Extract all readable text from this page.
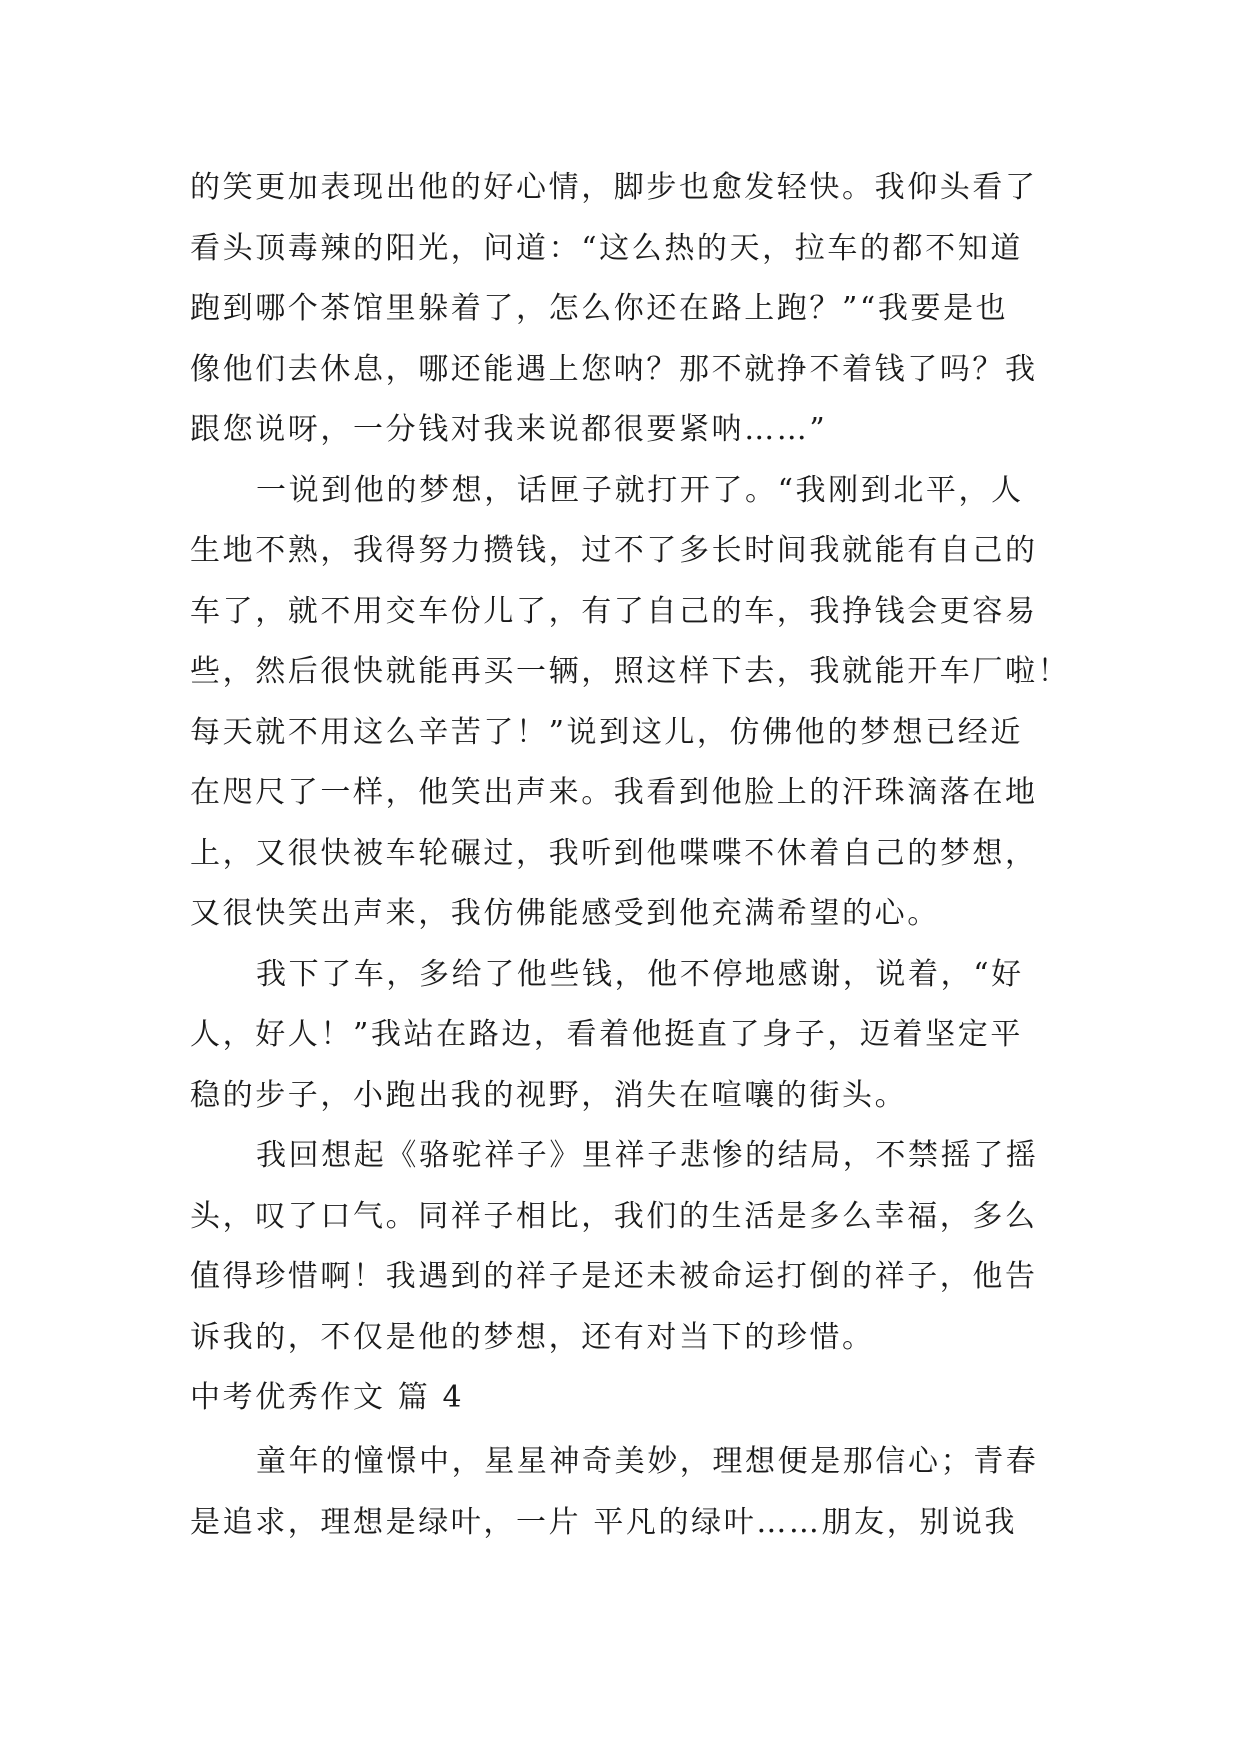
的笑更加表现出他的好心情，脚步也愈发轻快。我仰头看了
看头顶毒辣的阳光，问道：“这么热的天，拉车的都不知道
跑到哪个茶馆里躲着了，怎么你还在路上跑？”“我要是也
像他们去休息，哪还能遇上您呐？那不就挣不着钱了吗？我
跟您说呀，一分钱对我来说都很要紧呐……”
一说到他的梦想，话匣子就打开了。“我刚到北平，人
生地不熟，我得努力攒钱，过不了多长时间我就能有自己的
车了，就不用交车份儿了，有了自己的车，我挣钱会更容易
些，然后很快就能再买一辆，照这样下去，我就能开车厂啦！
每天就不用这么辛苦了！”说到这儿，仿佛他的梦想已经近
在咫尺了一样，他笑出声来。我看到他脸上的汗珠滴落在地
上，又很快被车轮碾过，我听到他喋喋不休着自己的梦想，
又很快笑出声来，我仿佛能感受到他充满希望的心。
我下了车，多给了他些钱，他不停地感谢，说着，“好
人，好人！”我站在路边，看着他挺直了身子，迈着坚定平
稳的步子，小跑出我的视野，消失在喧嚷的街头。
我回想起《骆驼祥子》里祥子悲惨的结局，不禁摇了摇
头，叹了口气。同祥子相比，我们的生活是多么幸福，多么
值得珍惜啊！我遇到的祥子是还未被命运打倒的祥子，他告
诉我的，不仅是他的梦想，还有对当下的珍惜。
中考优秀作文 篇 4
童年的憧憬中，星星神奇美妙，理想便是那信心；青春
是追求，理想是绿叶，一片 平凡的绿叶……朋友，别说我
